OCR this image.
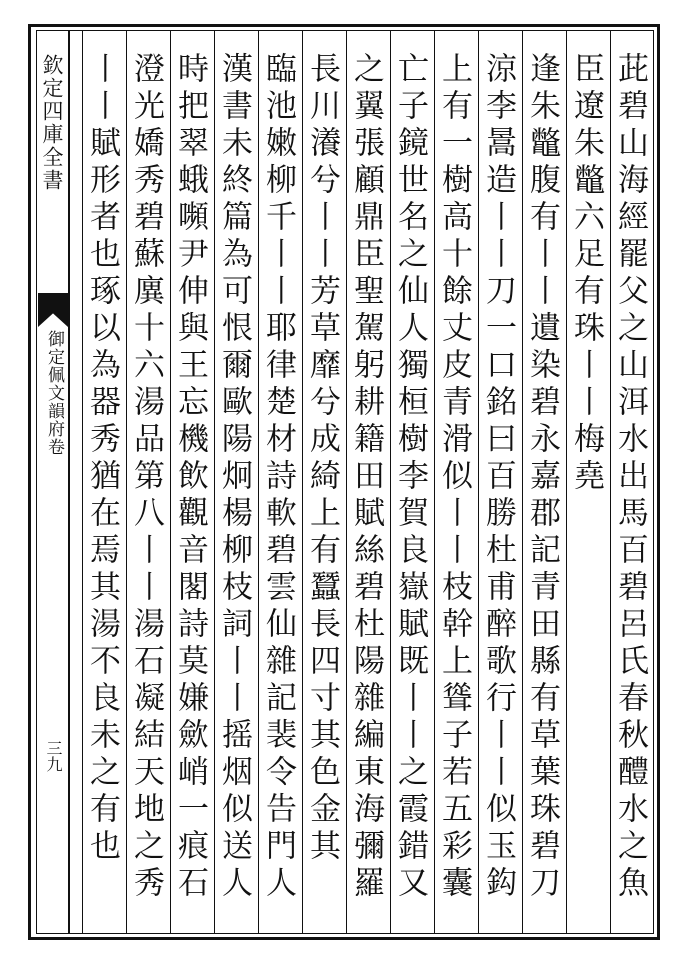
欽定四庫全書
御定佩文韻府卷
三九
茈碧山海經罷父之山洱水出馬百碧呂氏春秋醴水之魚
臣遼朱鼈六足有珠丨丨梅堯
逢朱鼈腹有丨丨遺染碧永嘉郡記青田縣有草葉珠碧刀
涼李暠造丨丨刀一口銘曰百勝杜甫醉歌行丨丨似玉鈎
上有一樹高十餘丈皮青滑似丨丨枝幹上聳子若五彩囊
亡子鏡世名之仙人獨桓樹李賀良嶽賦既丨丨之霞錯又
之翼張顧鼎臣聖駕躬耕籍田賦絲碧杜陽雜編東海彌羅
長川瀁兮丨丨芳草靡兮成綺上有蠶長四寸其色金其
臨池嫩柳千丨丨耶律楚材詩軟碧雲仙雜記裴令告門人
漢書未終篇為可恨爾歐陽炯楊柳枝詞丨丨摇烟似送人
時把翠蛾嚬尹伸與王忘機飲觀音閣詩莫嫌歛峭一痕石
澄光嬌秀碧蘇廙十六湯品第八丨丨湯石凝結天地之秀
丨丨賦形者也琢以為器秀猶在焉其湯不良未之有也
